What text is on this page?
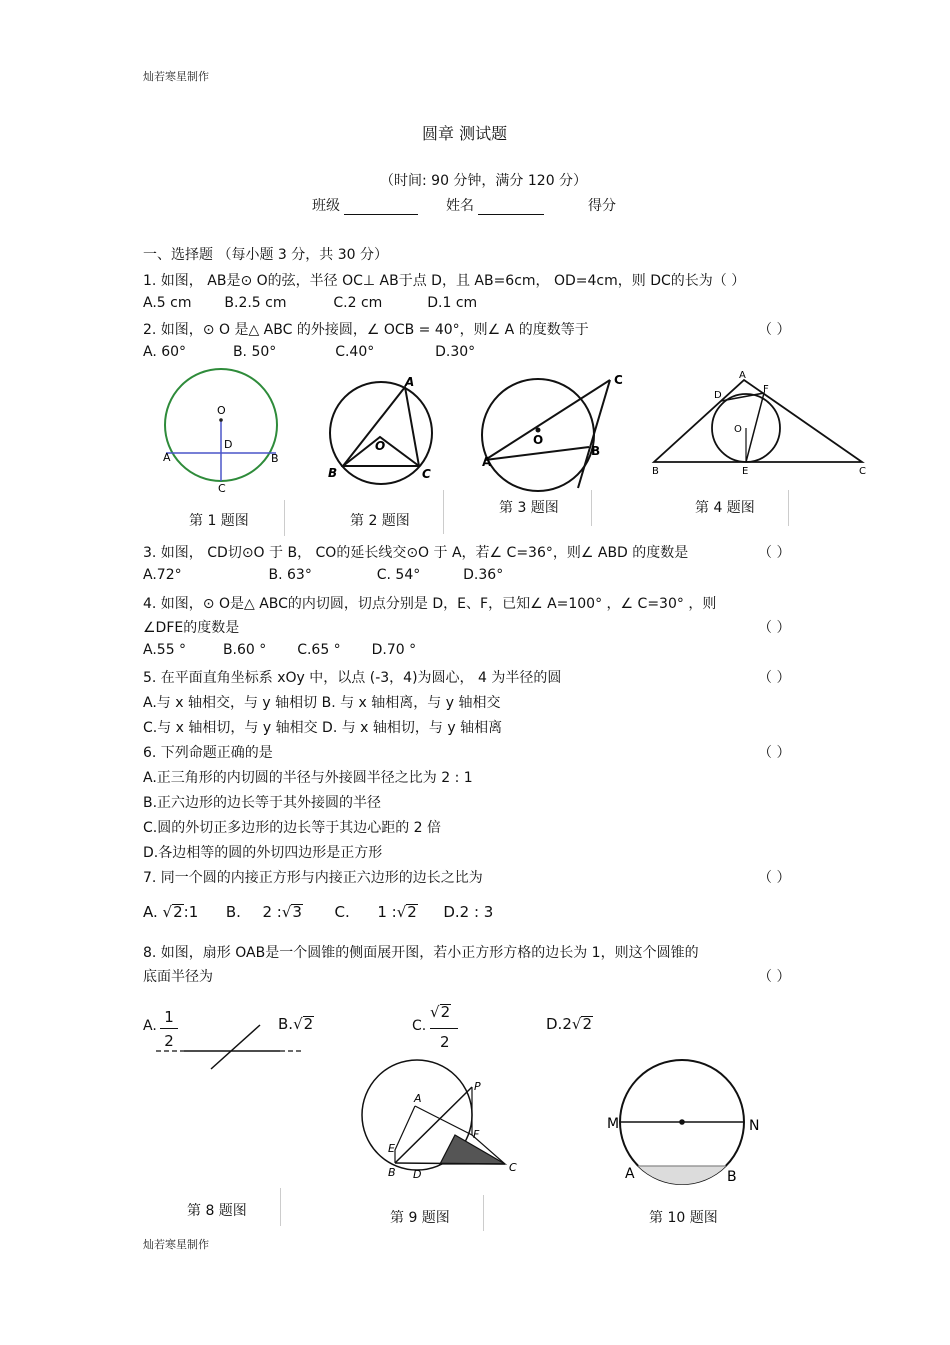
灿若寒星制作
灿若寒星制作
圆章 测试题
（时间: 90 分钟，满分 120 分）
班级	姓名	得分
一、选择题 （每小题 3 分，共 30 分）
1. 如图， AB是⊙ O的弦，半径 OC⊥ AB于点 D，且 AB=6cm， OD=4cm，则 DC的长为（ ）
A.5 cm B.2.5 cm	C.2 cm	D.1 cm
2. 如图，⊙ O 是△ ABC 的外接圆，∠ OCB = 40°，则∠ A 的度数等于	（ ）
A. 60°	B. 50°	C.40°	D.30°
O
D
A	B
C
A
O
B	C
C
O
A
B
A
D
F
O
B	E	C
第 1 题图	第 2 题图
第 3 题图	第 4 题图
3. 如图， CD切⊙O 于 B， CO的延长线交⊙O 于 A，若∠ C=36°，则∠ ABD 的度数是	（ ）
A.72°	B. 63°	C. 54°	D.36°
4. 如图，⊙ O是△ ABC的内切圆，切点分别是 D，E、F，已知∠ A=100° ，∠ C=30° ，则
∠DFE的度数是	（ ）
A.55 °	B.60 ° C.65 ° D.70 °
5. 在平面直角坐标系 xOy 中，以点 (-3，4)为圆心， 4 为半径的圆	（ ）
A.与 x 轴相交，与 y 轴相切 B. 与 x 轴相离，与 y 轴相交
C.与 x 轴相切，与 y 轴相交 D. 与 x 轴相切，与 y 轴相离
6. 下列命题正确的是	（ ）
A.正三角形的内切圆的半径与外接圆半径之比为 2 : 1
B.正六边形的边长等于其外接圆的半径
C.圆的外切正多边形的边长等于其边心距的 2 倍
D.各边相等的圆的外切四边形是正方形
7. 同一个圆的内接正方形与内接正六边形的边长之比为	（ ）
A. √2:1 B. 2 :√3 C. 1 :√2 D.2 : 3
8. 如图，扇形 OAB是一个圆锥的侧面展开图，若小正方形方格的边长为 1，则这个圆锥的
底面半径为	（ ）
A. 1
2
B.√2	C.
√2
2
D.2√2
P
A
F
E
B D
C
M	N
A	B
第 8 题图	第 9 题图	第 10 题图
